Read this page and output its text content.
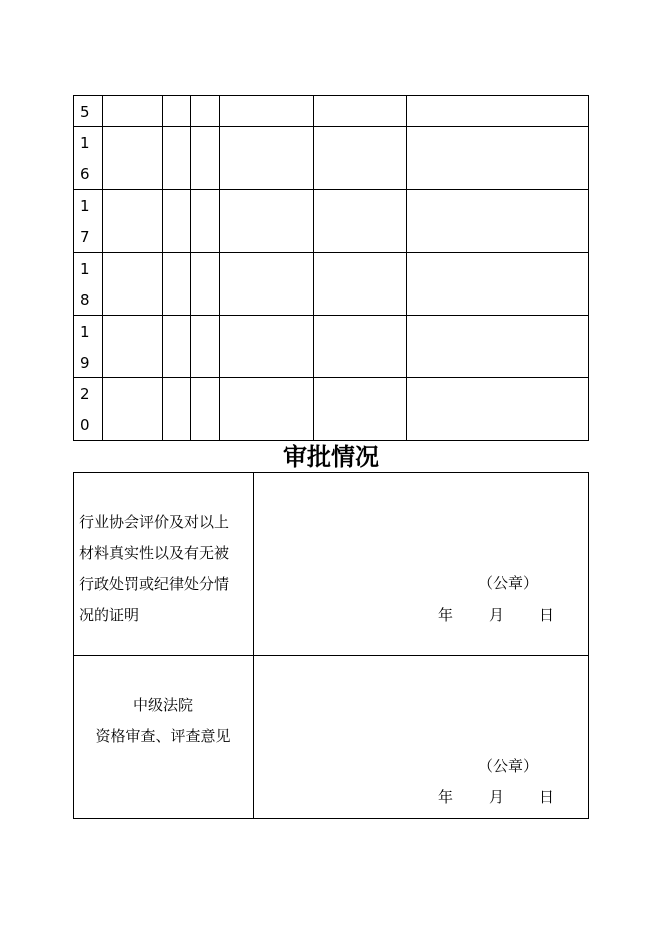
5
1
6
1
7
1
8
1
9
2
0
审批情况
行业协会评价及对以上
材料真实性以及有无被
行政处罚或纪律处分情
况的证明
（公章）
年 月 日
中级法院
资格审查、评查意见
（公章）
年 月 日
